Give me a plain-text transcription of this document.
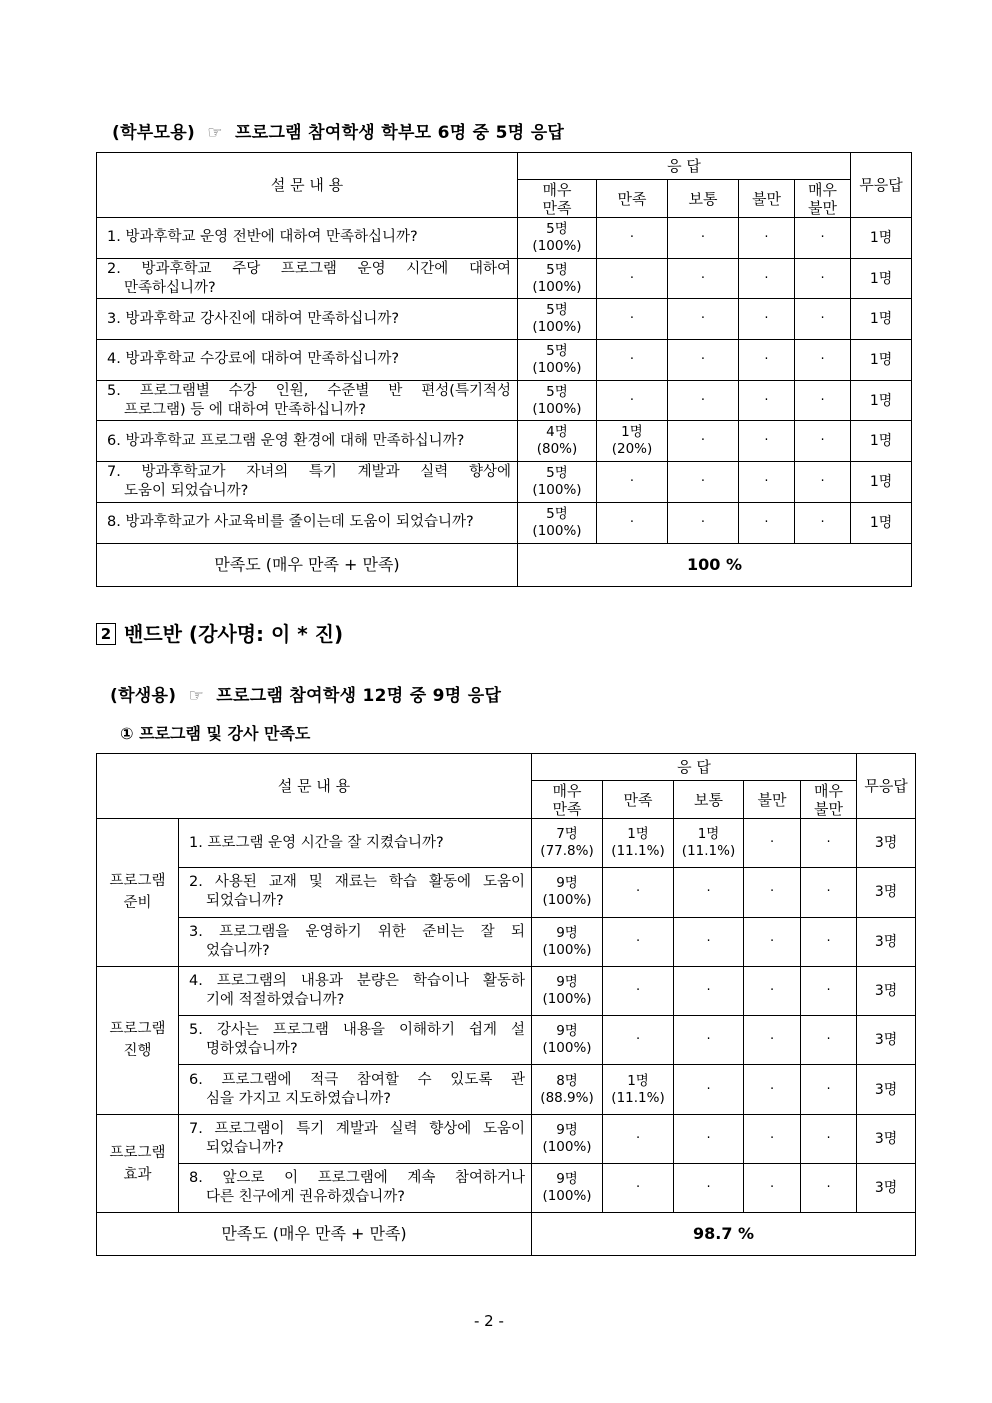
(학부모용) ☞ 프로그램 참여학생 학부모 6명 중 5명 응답
설 문 내 용	응 답					무응답

	매우
만족	만족	보통	불만	매우
불만	

1. 방과후학교 운영 전반에 대하여 만족하십니까?	5명
(100%)	·	·	·	·	1명

2. 방과후학교 주당 프로그램 운영 시간에 대하여
만족하십니까?	5명
(100%)	·	·	·	·	1명
3. 방과후학교 강사진에 대하여 만족하십니까?	5명
(100%)	·	·	·	·	1명
4. 방과후학교 수강료에 대하여 만족하십니까?	5명
(100%)	·	·	·	·	1명

5. 프로그램별 수강 인원, 수준별 반 편성(특기적성
프로그램) 등 에 대하여 만족하십니까?	5명
(100%)	·	·	·	·	1명
6. 방과후학교 프로그램 운영 환경에 대해 만족하십니까?	4명
(80%)	1명
(20%)	·	·	·	1명

7. 방과후학교가 자녀의 특기 계발과 실력 향상에
도움이 되었습니까?	5명
(100%)	·	·	·	·	1명
8. 방과후학교가 사교육비를 줄이는데 도움이 되었습니까?	5명
(100%)	·	·	·	·	1명
만족도 (매우 만족 + 만족)	100 %					
2 밴드반 (강사명: 이 * 진)
(학생용) ☞ 프로그램 참여학생 12명 중 9명 응답
① 프로그램 및 강사 만족도
설 문 내 용		응 답					무응답

		매우
만족	만족	보통	불만	매우
불만	

프로그램
준비	1. 프로그램 운영 시간을 잘 지켰습니까?	7명
(77.8%)	1명
(11.1%)	1명
(11.1%)	·	·	3명

	2. 사용된 교재 및 재료는 학습 활동에 도움이
되었습니까?	9명
(100%)	·	·	·	·	3명

	3. 프로그램을 운영하기 위한 준비는 잘 되
었습니까?	9명
(100%)	·	·	·	·	3명

프로그램
진행	4. 프로그램의 내용과 분량은 학습이나 활동하
기에 적절하였습니까?	9명
(100%)	·	·	·	·	3명

	5. 강사는 프로그램 내용을 이해하기 쉽게 설
명하였습니까?	9명
(100%)	·	·	·	·	3명

	6. 프로그램에 적극 참여할 수 있도록 관
심을 가지고 지도하였습니까?	8명
(88.9%)	1명
(11.1%)	·	·	·	3명

프로그램
효과	7. 프로그램이 특기 계발과 실력 향상에 도움이
되었습니까?	9명
(100%)	·	·	·	·	3명

	8. 앞으로 이 프로그램에 계속 참여하거나
다른 친구에게 권유하겠습니까?	9명
(100%)	·	·	·	·	3명
만족도 (매우 만족 + 만족)		98.7 %					
- 2 -
